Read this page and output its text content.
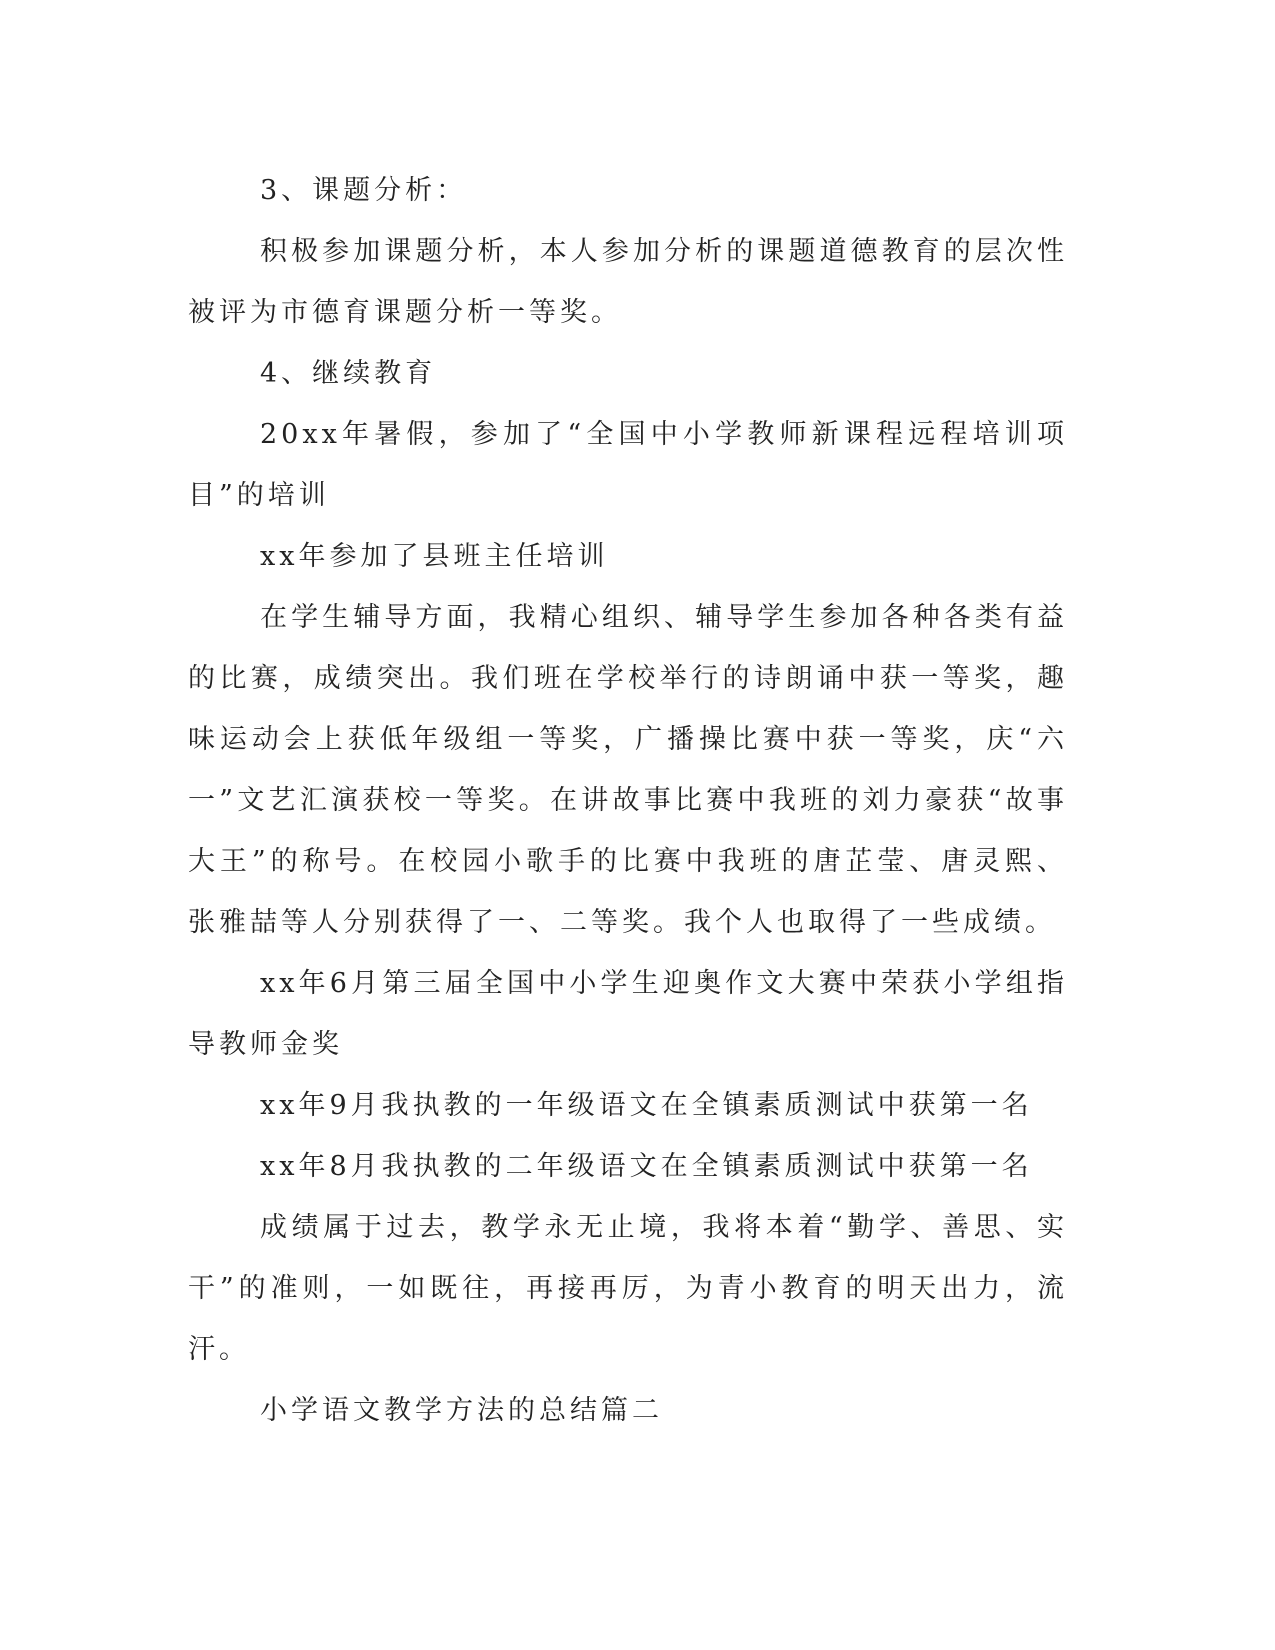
3、课题分析：

积极参加课题分析，本人参加分析的课题道德教育的层次性被评为市德育课题分析一等奖。

4、继续教育

20xx年暑假，参加了“全国中小学教师新课程远程培训项目”的培训

xx年参加了县班主任培训

在学生辅导方面，我精心组织、辅导学生参加各种各类有益的比赛，成绩突出。我们班在学校举行的诗朗诵中获一等奖，趣味运动会上获低年级组一等奖，广播操比赛中获一等奖，庆“六一”文艺汇演获校一等奖。在讲故事比赛中我班的刘力豪获“故事大王”的称号。在校园小歌手的比赛中我班的唐芷莹、唐灵熙、张雅喆等人分别获得了一、二等奖。我个人也取得了一些成绩。

xx年6月第三届全国中小学生迎奥作文大赛中荣获小学组指导教师金奖

xx年9月我执教的一年级语文在全镇素质测试中获第一名

xx年8月我执教的二年级语文在全镇素质测试中获第一名

成绩属于过去，教学永无止境，我将本着“勤学、善思、实干”的准则，一如既往，再接再厉，为青小教育的明天出力，流汗。

小学语文教学方法的总结篇二
